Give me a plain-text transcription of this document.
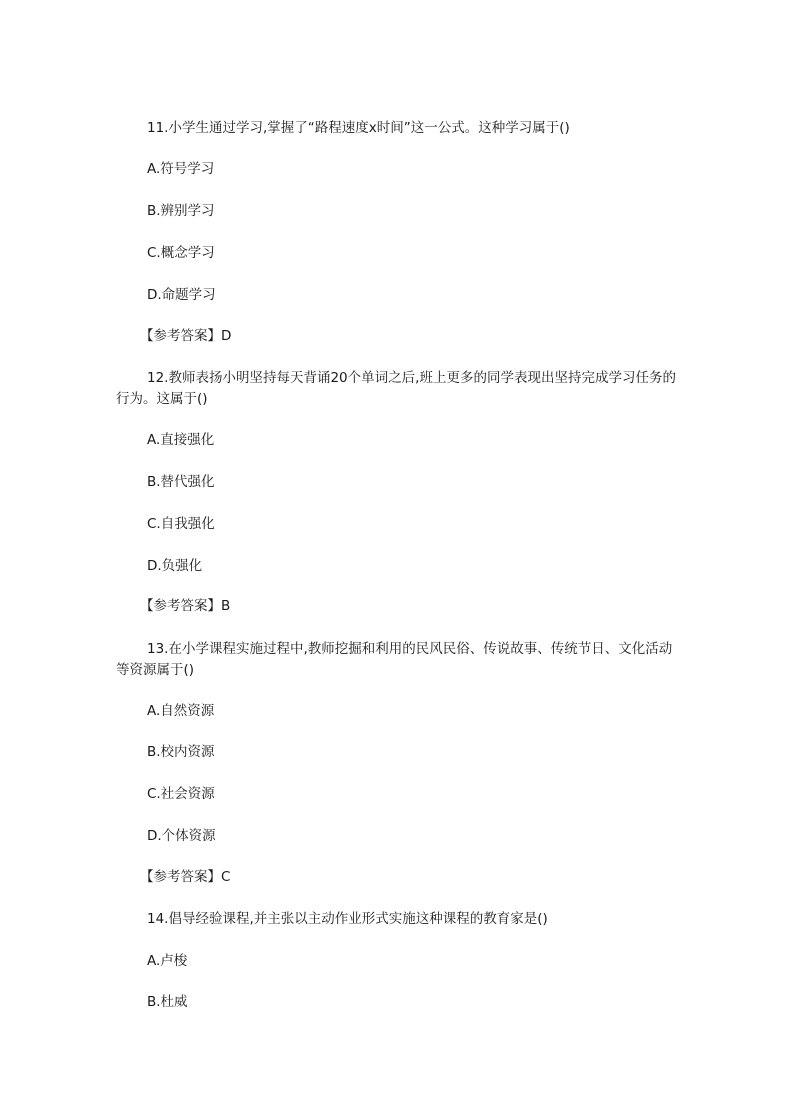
11.小学生通过学习,掌握了“路程速度x时间”这一公式。这种学习属于()
A.符号学习
B.辨别学习
C.概念学习
D.命题学习
【参考答案】D
12.教师表扬小明坚持每天背诵20个单词之后,班上更多的同学表现出坚持完成学习任务的行为。这属于()
A.直接强化
B.替代强化
C.自我强化
D.负强化
【参考答案】B
13.在小学课程实施过程中,教师挖掘和利用的民风民俗、传说故事、传统节日、文化活动等资源属于()
A.自然资源
B.校内资源
C.社会资源
D.个体资源
【参考答案】C
14.倡导经验课程,并主张以主动作业形式实施这种课程的教育家是()
A.卢梭
B.杜威
